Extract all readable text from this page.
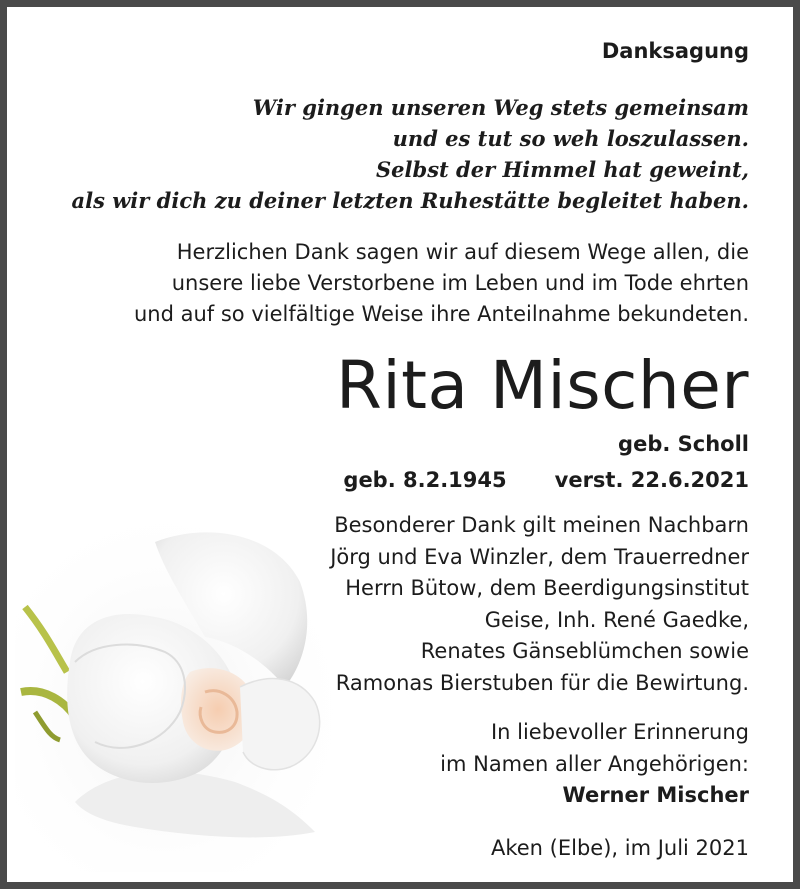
Danksagung
Wir gingen unseren Weg stets gemeinsam
und es tut so weh loszulassen.
Selbst der Himmel hat geweint,
als wir dich zu deiner letzten Ruhestätte begleitet haben.
Herzlichen Dank sagen wir auf diesem Wege allen, die
unsere liebe Verstorbene im Leben und im Tode ehrten
und auf so vielfältige Weise ihre Anteilnahme bekundeten.
Rita Mischer
geb. Scholl
geb. 8.2.1945 verst. 22.6.2021
Besonderer Dank gilt meinen Nachbarn
Jörg und Eva Winzler, dem Trauerredner
Herrn Bütow, dem Beerdigungsinstitut
Geise, Inh. René Gaedke,
Renates Gänseblümchen sowie
Ramonas Bierstuben für die Bewirtung.
In liebevoller Erinnerung
im Namen aller Angehörigen:
Werner Mischer
Aken (Elbe), im Juli 2021
